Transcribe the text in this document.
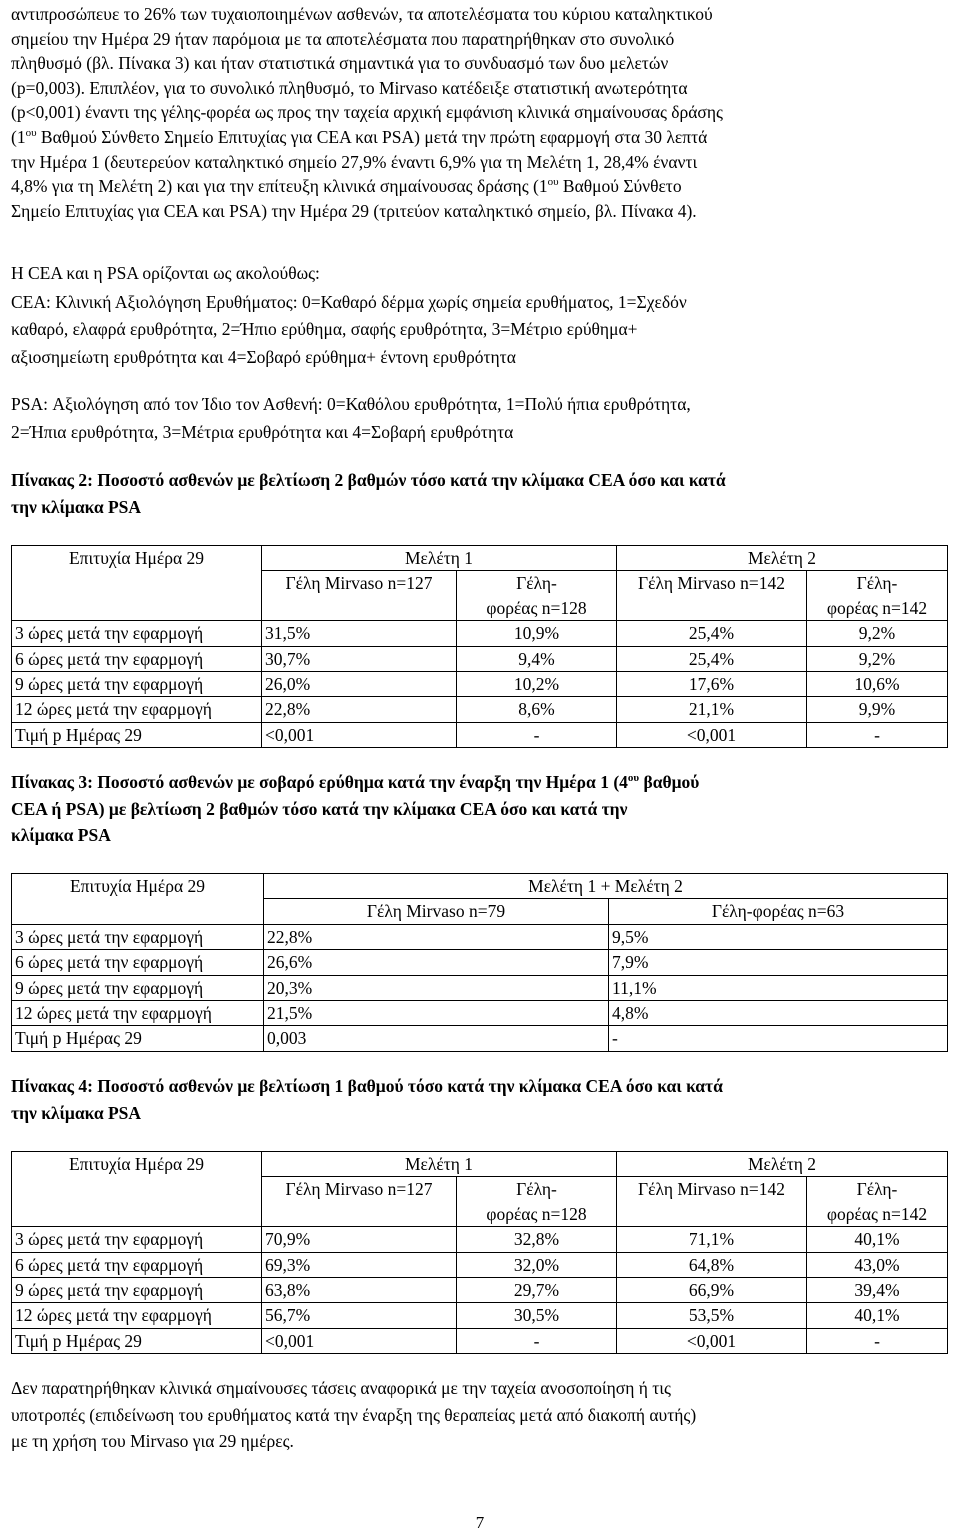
αντιπροσώπευε το 26% των τυχαιοποιημένων ασθενών, τα αποτελέσματα του κύριου καταληκτικού

σημείου την Ημέρα 29 ήταν παρόμοια με τα αποτελέσματα που παρατηρήθηκαν στο συνολικό

πληθυσμό (βλ. Πίνακα 3) και ήταν στατιστικά σημαντικά για το συνδυασμό των δυο μελετών

(p=0,003). Επιπλέον, για το συνολικό πληθυσμό, το Mirvaso κατέδειξε στατιστική ανωτερότητα

(p<0,001) έναντι της γέλης-φορέα ως προς την ταχεία αρχική εμφάνιση κλινικά σημαίνουσας δράσης

($1^{o\upsilon}$ Βαθμού Σύνθετο Σημείο Επιτυχίας για CEA και PSA) μετά την πρώτη εφαρμογή στα 30 λεπτά

την Ημέρα 1 (δευτερεύον καταληκτικό σημείο 27,9% έναντι 6,9% για τη Μελέτη 1, 28,4% έναντι

4,8% για τη Μελέτη 2) και για την επίτευξη κλινικά σημαίνουσας δράσης ($1^{o\upsilon}$ Βαθμού Σύνθετο

Σημείο Επιτυχίας για CEA και PSA) την Ημέρα 29 (τριτεύον καταληκτικό σημείο, βλ. Πίνακα 4).

Η CEA και η PSA ορίζονται ως ακολούθως:

CEA: Κλινική Αξιολόγηση Ερυθήματος: 0=Καθαρό δέρμα χωρίς σημεία ερυθήματος, 1=Σχεδόν

καθαρό, ελαφρά ερυθρότητα, 2=Ήπιο ερύθημα, σαφής ερυθρότητα, 3=Μέτριο ερύθημα+

αξιοσημείωτη ερυθρότητα και 4=Σοβαρό ερύθημα+ έντονη ερυθρότητα

PSA: Αξιολόγηση από τον Ίδιο τον Ασθενή: 0=Καθόλου ερυθρότητα, 1=Πολύ ήπια ερυθρότητα,

2=Ήπια ερυθρότητα, 3=Μέτρια ερυθρότητα και 4=Σοβαρή ερυθρότητα

Πίνακας 2: Ποσοστό ασθενών με βελτίωση 2 βαθμών τόσο κατά την κλίμακα CEA όσο και κατά

την κλίμακα PSA

Επιτυχία Ημέρα 29	Μελέτη 1		Μελέτη 2	
	Γέλη Mirvaso n=127	Γέλη-
φορέας n=128	Γέλη Mirvaso n=142	Γέλη-
φορέας n=142
3 ώρες μετά την εφαρμογή	31,5%	10,9%	25,4%	9,2%
6 ώρες μετά την εφαρμογή	30,7%	9,4%	25,4%	9,2%
9 ώρες μετά την εφαρμογή	26,0%	10,2%	17,6%	10,6%
12 ώρες μετά την εφαρμογή	22,8%	8,6%	21,1%	9,9%
Τιμή p Ημέρας 29	<0,001	-	<0,001	-

Πίνακας 3: Ποσοστό ασθενών με σοβαρό ερύθημα κατά την έναρξη την Ημέρα 1 ($4^{o\upsilon}$ βαθμού

CEA ή PSA) με βελτίωση 2 βαθμών τόσο κατά την κλίμακα CEA όσο και κατά την

κλίμακα PSA

Επιτυχία Ημέρα 29	Μελέτη 1 + Μελέτη 2	
	Γέλη Mirvaso n=79	Γέλη-φορέας n=63
3 ώρες μετά την εφαρμογή	22,8%	9,5%
6 ώρες μετά την εφαρμογή	26,6%	7,9%
9 ώρες μετά την εφαρμογή	20,3%	11,1%
12 ώρες μετά την εφαρμογή	21,5%	4,8%
Τιμή p Ημέρας 29	0,003	-

Πίνακας 4: Ποσοστό ασθενών με βελτίωση 1 βαθμού τόσο κατά την κλίμακα CEA όσο και κατά

την κλίμακα PSA

Επιτυχία Ημέρα 29	Μελέτη 1		Μελέτη 2	
	Γέλη Mirvaso n=127	Γέλη-
φορέας n=128	Γέλη Mirvaso n=142	Γέλη-
φορέας n=142
3 ώρες μετά την εφαρμογή	70,9%	32,8%	71,1%	40,1%
6 ώρες μετά την εφαρμογή	69,3%	32,0%	64,8%	43,0%
9 ώρες μετά την εφαρμογή	63,8%	29,7%	66,9%	39,4%
12 ώρες μετά την εφαρμογή	56,7%	30,5%	53,5%	40,1%
Τιμή p Ημέρας 29	<0,001	-	<0,001	-

Δεν παρατηρήθηκαν κλινικά σημαίνουσες τάσεις αναφορικά με την ταχεία ανοσοποίηση ή τις

υποτροπές (επιδείνωση του ερυθήματος κατά την έναρξη της θεραπείας μετά από διακοπή αυτής)

με τη χρήση του Mirvaso για 29 ημέρες.

7
